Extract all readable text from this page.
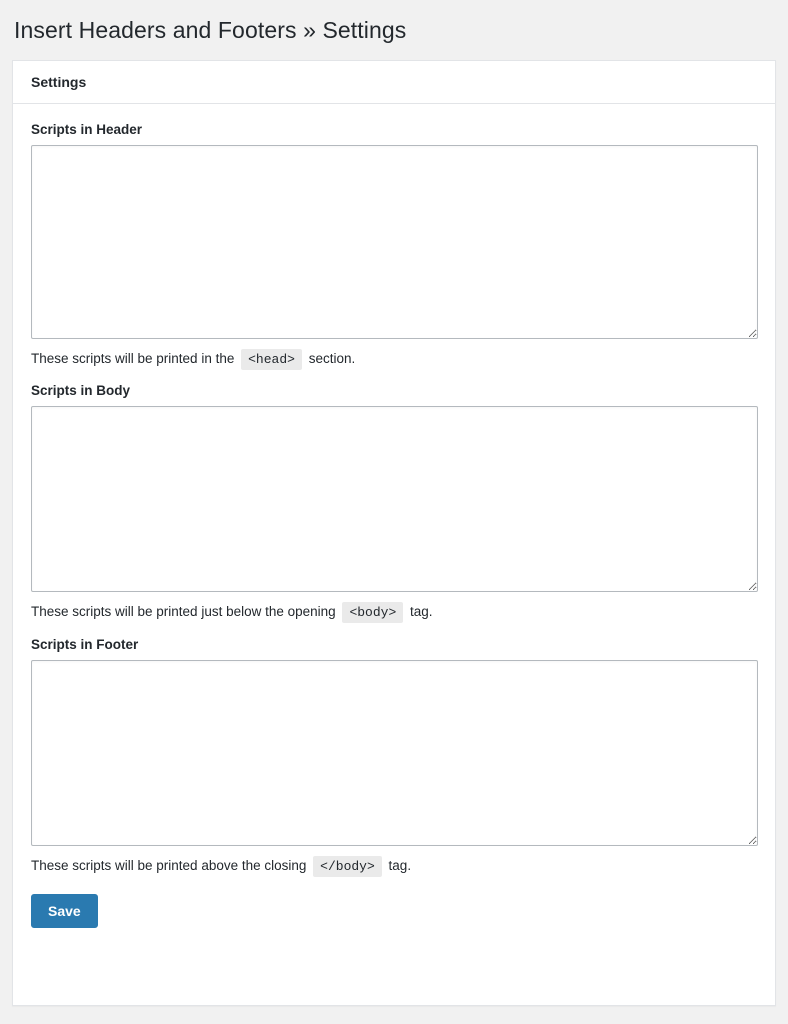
Insert Headers and Footers » Settings
Settings
Scripts in Header

These scripts will be printed in the <head> section.

Scripts in Body

These scripts will be printed just below the opening <body> tag.

Scripts in Footer

These scripts will be printed above the closing </body> tag.

Save
